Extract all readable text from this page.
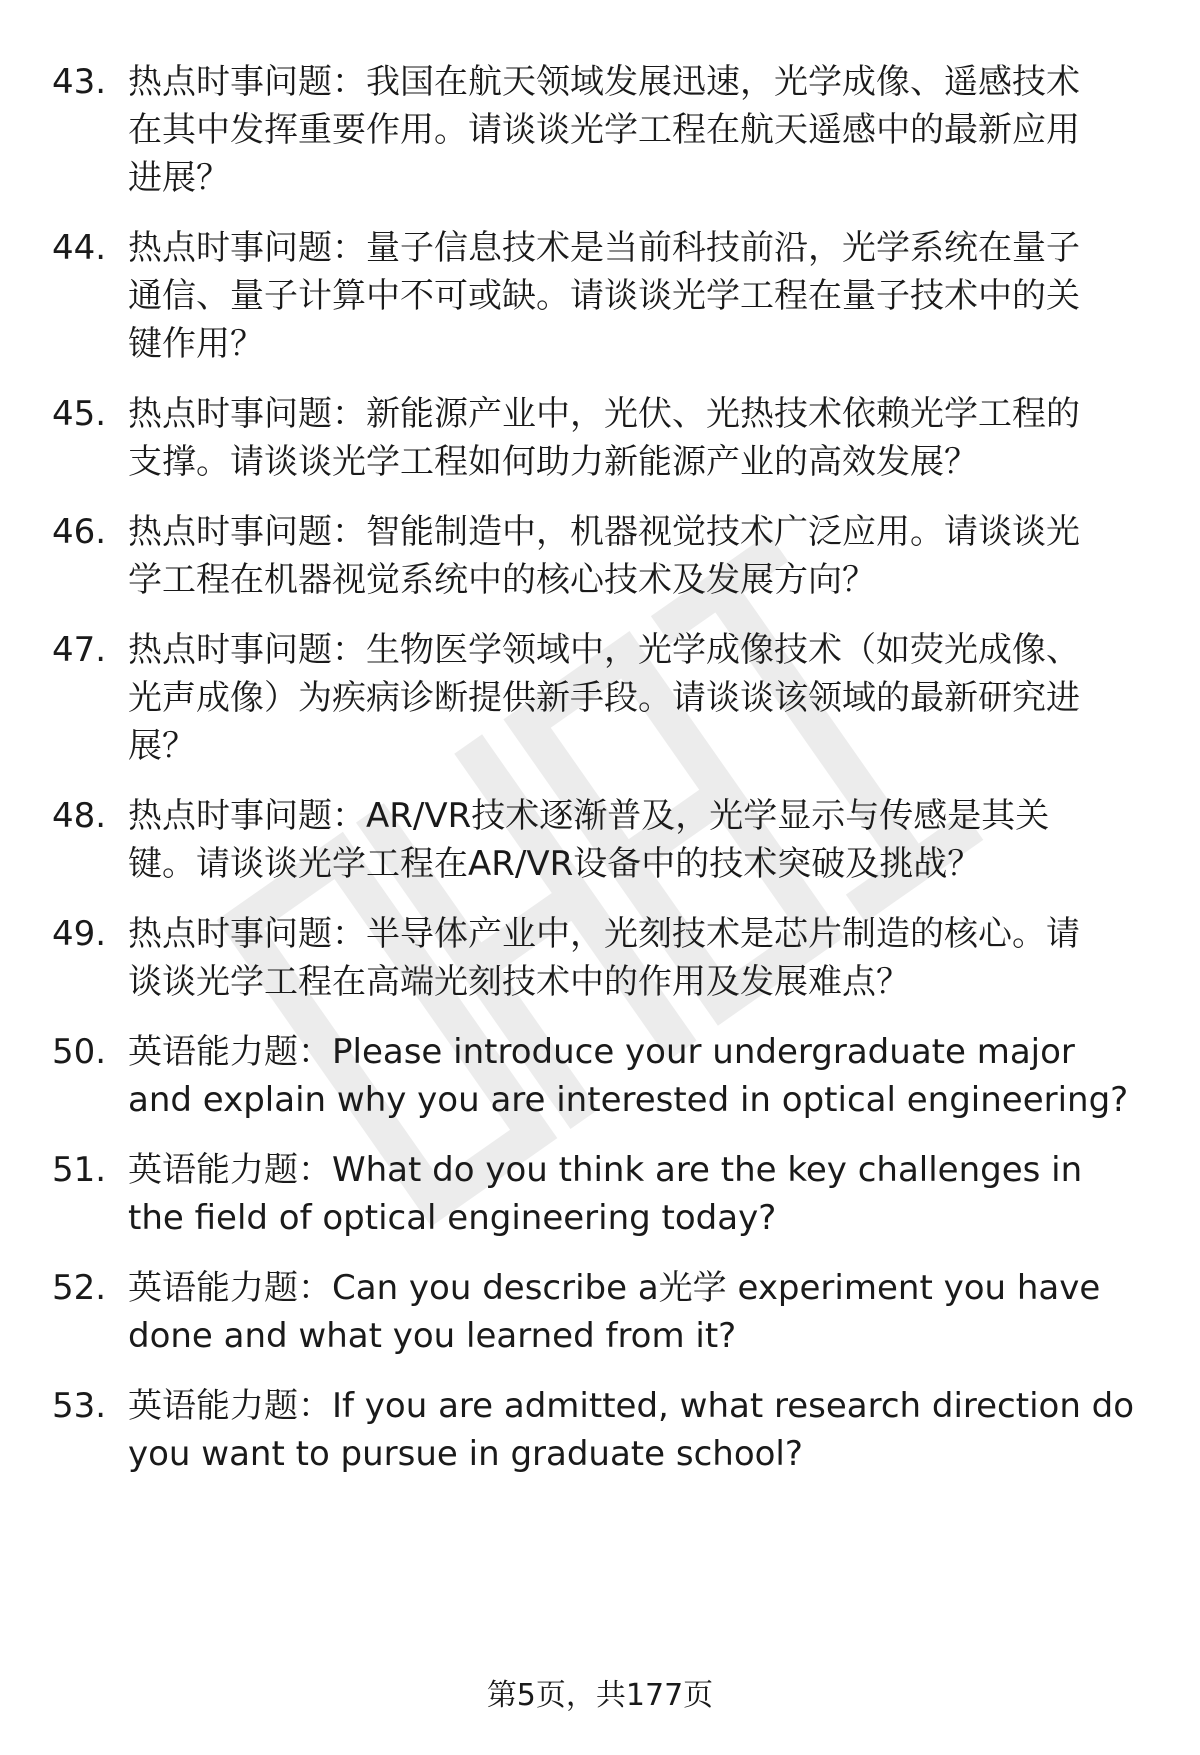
43. 热点时事问题：我国在航天领域发展迅速，光学成像、遥感技术
在其中发挥重要作用。请谈谈光学工程在航天遥感中的最新应用
进展？
44. 热点时事问题：量子信息技术是当前科技前沿，光学系统在量子
通信、量子计算中不可或缺。请谈谈光学工程在量子技术中的关
键作用？
45. 热点时事问题：新能源产业中，光伏、光热技术依赖光学工程的
支撑。请谈谈光学工程如何助力新能源产业的高效发展？
46. 热点时事问题：智能制造中，机器视觉技术广泛应用。请谈谈光
学工程在机器视觉系统中的核心技术及发展方向？
47. 热点时事问题：生物医学领域中，光学成像技术（如荧光成像、
光声成像）为疾病诊断提供新手段。请谈谈该领域的最新研究进
展？
48. 热点时事问题：AR/VR技术逐渐普及，光学显示与传感是其关
键。请谈谈光学工程在AR/VR设备中的技术突破及挑战？
49. 热点时事问题：半导体产业中，光刻技术是芯片制造的核心。请
谈谈光学工程在高端光刻技术中的作用及发展难点？
50. 英语能力题：Please introduce your undergraduate major
and explain why you are interested in optical engineering?
51. 英语能力题：What do you think are the key challenges in
the field of optical engineering today?
52. 英语能力题：Can you describe a光学 experiment you have
done and what you learned from it?
53. 英语能力题：If you are admitted, what research direction do
you want to pursue in graduate school?
第5页，共177页
